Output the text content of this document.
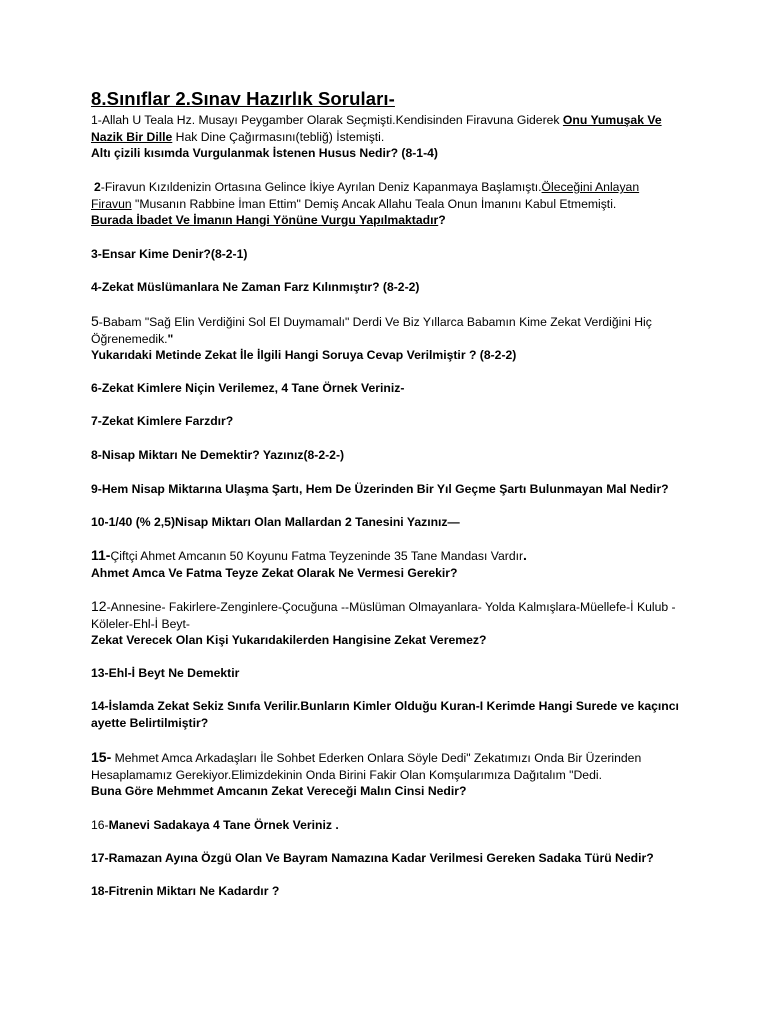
8.Sınıflar 2.Sınav Hazırlık Soruları-
1-Allah U Teala Hz. Musayı Peygamber Olarak Seçmişti.Kendisinden Firavuna Giderek Onu Yumuşak Ve
Nazik Bir Dille Hak Dine Çağırmasını(tebliğ) İstemişti.
Altı çizili kısımda Vurgulanmak İstenen Husus Nedir? (8-1-4)
2-Firavun Kızıldenizin Ortasına Gelince İkiye Ayrılan Deniz Kapanmaya Başlamıştı.Öleceğini Anlayan
Firavun "Musanın Rabbine İman Ettim" Demiş Ancak Allahu Teala Onun İmanını Kabul Etmemişti.
Burada İbadet Ve İmanın Hangi Yönüne Vurgu Yapılmaktadır?
3-Ensar Kime Denir?(8-2-1)
4-Zekat Müslümanlara Ne Zaman Farz Kılınmıştır? (8-2-2)
5-Babam "Sağ Elin Verdiğini Sol El Duymamalı" Derdi Ve Biz Yıllarca Babamın Kime Zekat Verdiğini Hiç
Öğrenemedik."
Yukarıdaki Metinde Zekat İle İlgili Hangi Soruya Cevap Verilmiştir ? (8-2-2)
6-Zekat Kimlere Niçin Verilemez, 4 Tane Örnek Veriniz-
7-Zekat Kimlere Farzdır?
8-Nisap Miktarı Ne Demektir? Yazınız(8-2-2-)
9-Hem Nisap Miktarına Ulaşma Şartı, Hem De Üzerinden Bir Yıl Geçme Şartı Bulunmayan Mal Nedir?
10-1/40 (% 2,5)Nisap Miktarı Olan Mallardan 2 Tanesini Yazınız—
11-Çiftçi Ahmet Amcanın 50 Koyunu Fatma Teyzeninde 35 Tane Mandası Vardır.
Ahmet Amca Ve Fatma Teyze Zekat Olarak Ne Vermesi Gerekir?
12-Annesine- Fakirlere-Zenginlere-Çocuğuna --Müslüman Olmayanlara- Yolda Kalmışlara-Müellefe-İ Kulub -
Köleler-Ehl-İ Beyt-
Zekat Verecek Olan Kişi Yukarıdakilerden Hangisine Zekat Veremez?
13-Ehl-İ Beyt Ne Demektir
14-İslamda Zekat Sekiz Sınıfa Verilir.Bunların Kimler Olduğu Kuran-I Kerimde Hangi Surede ve kaçıncı
ayette Belirtilmiştir?
15- Mehmet Amca Arkadaşları İle Sohbet Ederken Onlara Söyle Dedi" Zekatımızı Onda Bir Üzerinden
Hesaplamamız Gerekiyor.Elimizdekinin Onda Birini Fakir Olan Komşularımıza Dağıtalım "Dedi.
Buna Göre Mehmmet Amcanın Zekat Vereceği Malın Cinsi Nedir?
16-Manevi Sadakaya 4 Tane Örnek Veriniz .
17-Ramazan Ayına Özgü Olan Ve Bayram Namazına Kadar Verilmesi Gereken Sadaka Türü Nedir?
18-Fitrenin Miktarı Ne Kadardır ?
